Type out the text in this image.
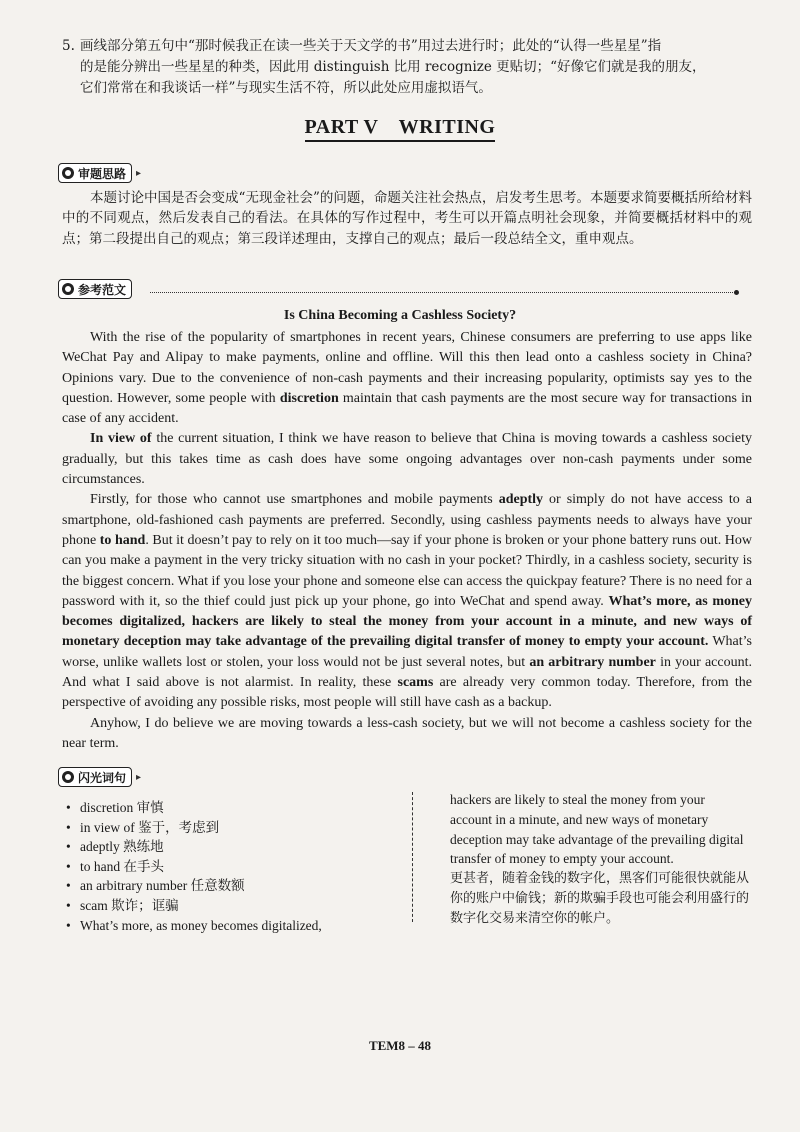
5. 画线部分第五句中“那时候我正在读一些关于天文学的书”用过去进行时；此处的“认得一些星星”指
的是能分辨出一些星星的种类，因此用 distinguish 比用 recognize 更贴切；“好像它们就是我的朋友，
它们常常在和我谈话一样”与现实生活不符，所以此处应用虚拟语气。
PART V　WRITING
审题思路 ▸
本题讨论中国是否会变成“无现金社会”的问题，命题关注社会热点，启发考生思考。本题要求简要概括所给材料中的不同观点，然后发表自己的看法。在具体的写作过程中，考生可以开篇点明社会现象，并简要概括材料中的观点；第二段提出自己的观点；第三段详述理由，支撑自己的观点；最后一段总结全文，重申观点。
参考范文
Is China Becoming a Cashless Society?

With the rise of the popularity of smartphones in recent years, Chinese consumers are preferring to use apps like WeChat Pay and Alipay to make payments, online and offline. Will this then lead onto a cashless society in China? Opinions vary. Due to the convenience of non-cash payments and their increasing popularity, optimists say yes to the question. However, some people with discretion maintain that cash payments are the most secure way for transactions in case of any accident.

In view of the current situation, I think we have reason to believe that China is moving towards a cashless society gradually, but this takes time as cash does have some ongoing advantages over non-cash payments under some circumstances.

Firstly, for those who cannot use smartphones and mobile payments adeptly or simply do not have access to a smartphone, old-fashioned cash payments are preferred. Secondly, using cashless payments needs to always have your phone to hand. But it doesn’t pay to rely on it too much—say if your phone is broken or your phone battery runs out. How can you make a payment in the very tricky situation with no cash in your pocket? Thirdly, in a cashless society, security is the biggest concern. What if you lose your phone and someone else can access the quickpay feature? There is no need for a password with it, so the thief could just pick up your phone, go into WeChat and spend away. What’s more, as money becomes digitalized, hackers are likely to steal the money from your account in a minute, and new ways of monetary deception may take advantage of the prevailing digital transfer of money to empty your account. What’s worse, unlike wallets lost or stolen, your loss would not be just several notes, but an arbitrary number in your account. And what I said above is not alarmist. In reality, these scams are already very common today. Therefore, from the perspective of avoiding any possible risks, most people will still have cash as a backup.

Anyhow, I do believe we are moving towards a less-cash society, but we will not become a cashless society for the near term.

闪光词句 ▸
• discretion 审慎
• in view of 鉴于，考虑到
• adeptly 熟练地
• to hand 在手头
• an arbitrary number 任意数额
• scam 欺诈；诓骗
• What’s more, as money becomes digitalized,
hackers are likely to steal the money from your account in a minute, and new ways of monetary deception may take advantage of the prevailing digital transfer of money to empty your account.
更甚者，随着金钱的数字化，黑客们可能很快就能从你的账户中偷钱；新的欺骗手段也可能会利用盛行的数字化交易来清空你的帐户。
TEM8 – 48
